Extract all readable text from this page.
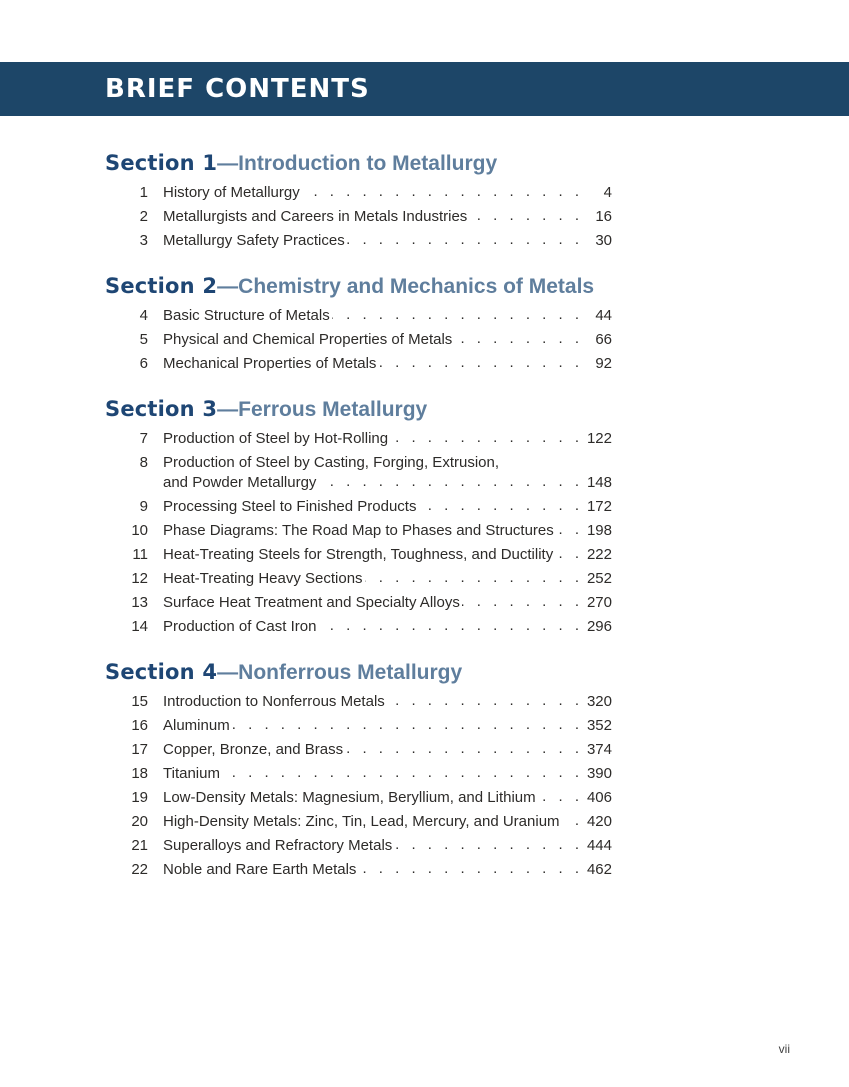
BRIEF CONTENTS
Section 1—Introduction to Metallurgy
1 History of Metallurgy . . .	4
2 Metallurgists and Careers in Metals Industries . . .	16
3 Metallurgy Safety Practices . . .	30
Section 2—Chemistry and Mechanics of Metals
4 Basic Structure of Metals . . .	44
5 Physical and Chemical Properties of Metals . . .	66
6 Mechanical Properties of Metals . . .	92
Section 3—Ferrous Metallurgy
7 Production of Steel by Hot-Rolling . . .	122
8 Production of Steel by Casting, Forging, Extrusion,
and Powder Metallurgy . . .	148
9 Processing Steel to Finished Products . . .	172
10 Phase Diagrams: The Road Map to Phases and Structures . . .	198
11 Heat-Treating Steels for Strength, Toughness, and Ductility . . .	222
12 Heat-Treating Heavy Sections . . .	252
13 Surface Heat Treatment and Specialty Alloys . . .	270
14 Production of Cast Iron . . .	296
Section 4—Nonferrous Metallurgy
15 Introduction to Nonferrous Metals . . .	320
16 Aluminum . . .	352
17 Copper, Bronze, and Brass . . .	374
18 Titanium . . .	390
19 Low-Density Metals: Magnesium, Beryllium, and Lithium . . .	406
20 High-Density Metals: Zinc, Tin, Lead, Mercury, and Uranium . . .	420
21 Superalloys and Refractory Metals . . .	444
22 Noble and Rare Earth Metals . . .	462
vii
